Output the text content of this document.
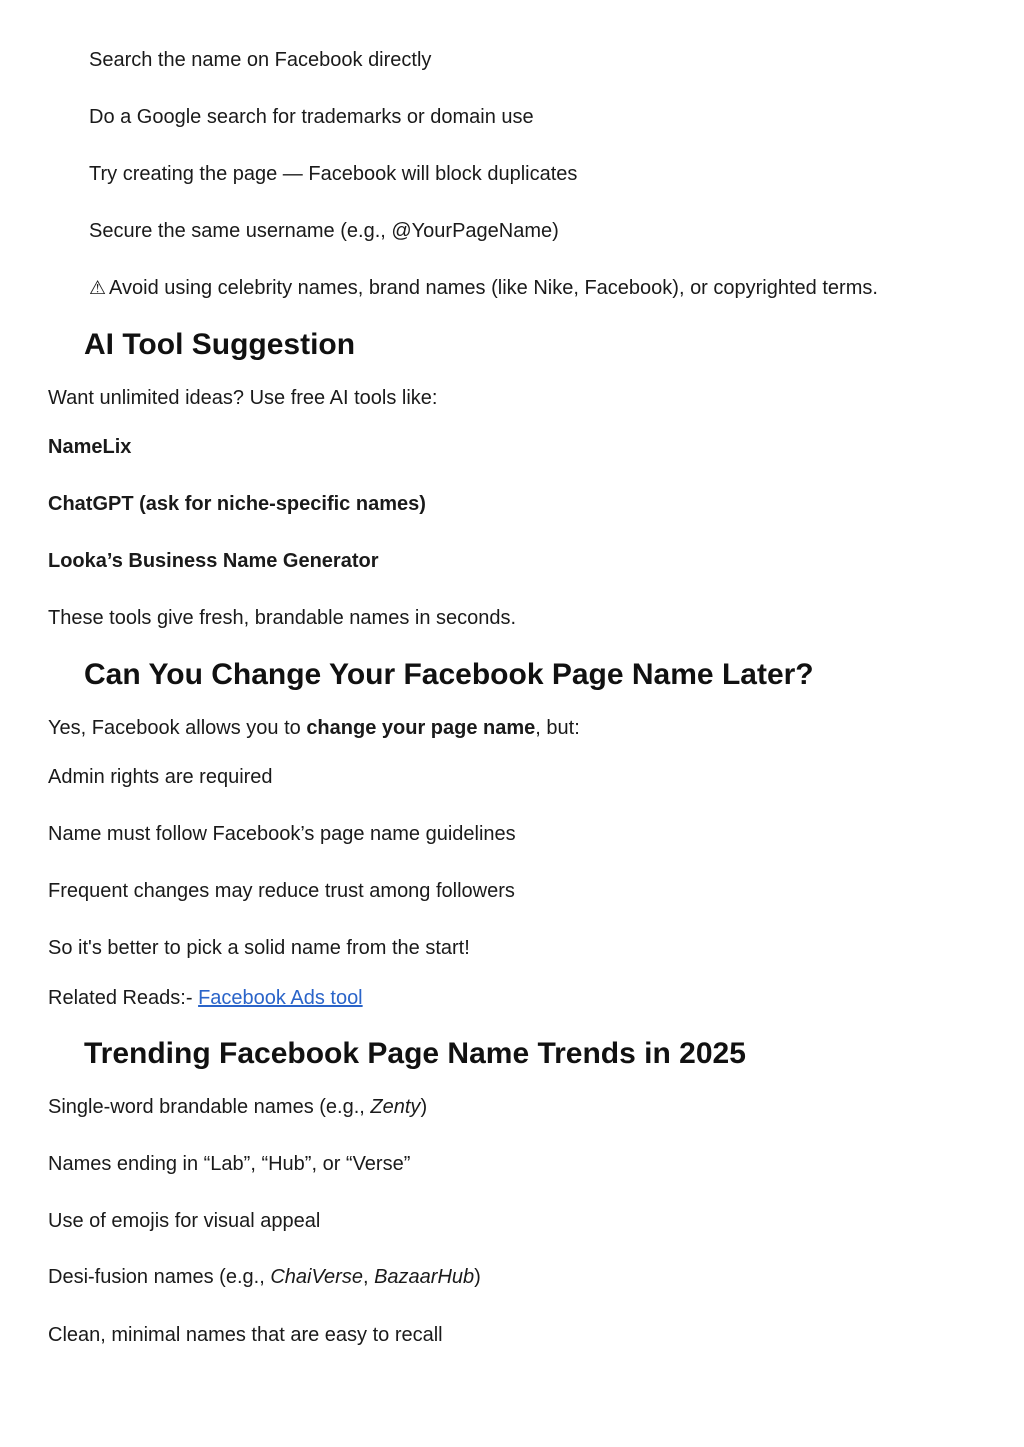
Search the name on Facebook directly

Do a Google search for trademarks or domain use

Try creating the page — Facebook will block duplicates

Secure the same username (e.g., @YourPageName)

⚠ Avoid using celebrity names, brand names (like Nike, Facebook), or copyrighted terms.

AI Tool Suggestion

Want unlimited ideas? Use free AI tools like:

NameLix

ChatGPT (ask for niche-specific names)

Looka’s Business Name Generator

These tools give fresh, brandable names in seconds.

Can You Change Your Facebook Page Name Later?

Yes, Facebook allows you to change your page name, but:

Admin rights are required

Name must follow Facebook’s page name guidelines

Frequent changes may reduce trust among followers

So it's better to pick a solid name from the start!

Related Reads:- Facebook Ads tool

Trending Facebook Page Name Trends in 2025

Single-word brandable names (e.g., Zenty)

Names ending in “Lab”, “Hub”, or “Verse”

Use of emojis for visual appeal

Desi-fusion names (e.g., ChaiVerse, BazaarHub)

Clean, minimal names that are easy to recall
